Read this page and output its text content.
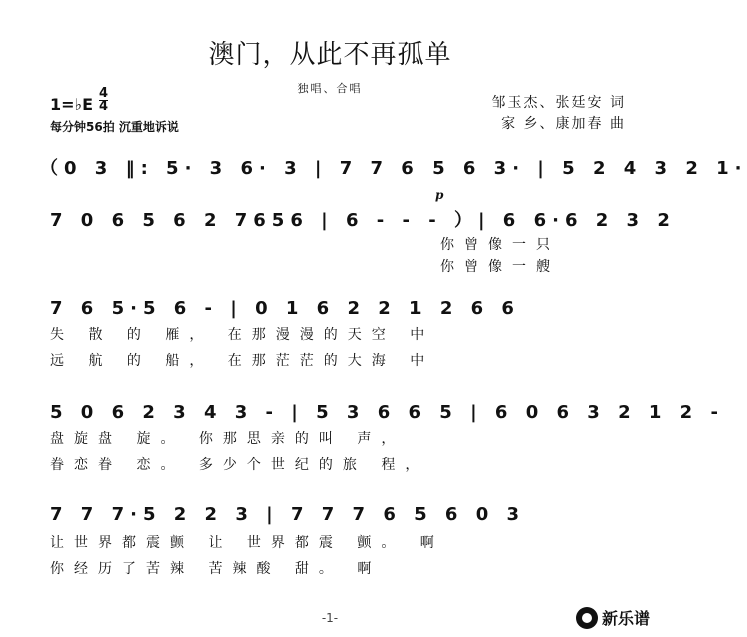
澳门，从此不再孤单
独唱、合唱
1=♭E
4
4
每分钟56拍 沉重地诉说
邹玉杰、张廷安 词
家 乡、康加春 曲
（0 3 ‖: 5· 3 6· 3 | 7 7 6 5 6 3· | 5 2 4 3 2 1·
7 0 6 5 6 2 7656 | 6 - - - ）| 6 6·6 2 3 2
p
你曾像一只
你曾像一艘
7 6 5·5 6 - | 0 1 6 2 2 1 2 6 6
失 散 的 雁， 在那漫漫的天空 中
远 航 的 船， 在那茫茫的大海 中
5 0 6 2 3 4 3 - | 5 3 6 6 5 | 6 0 6 3 2 1 2 -
盘旋盘 旋。 你那思亲的叫 声，
眷恋眷 恋。 多少个世纪的旅 程，
7 7 7·5 2 2 3 | 7 7 7 6 5 6 0 3
让世界都震颤 让 世界都震 颤。 啊
你经历了苦辣 苦辣酸 甜。 啊
-1-	新乐谱
